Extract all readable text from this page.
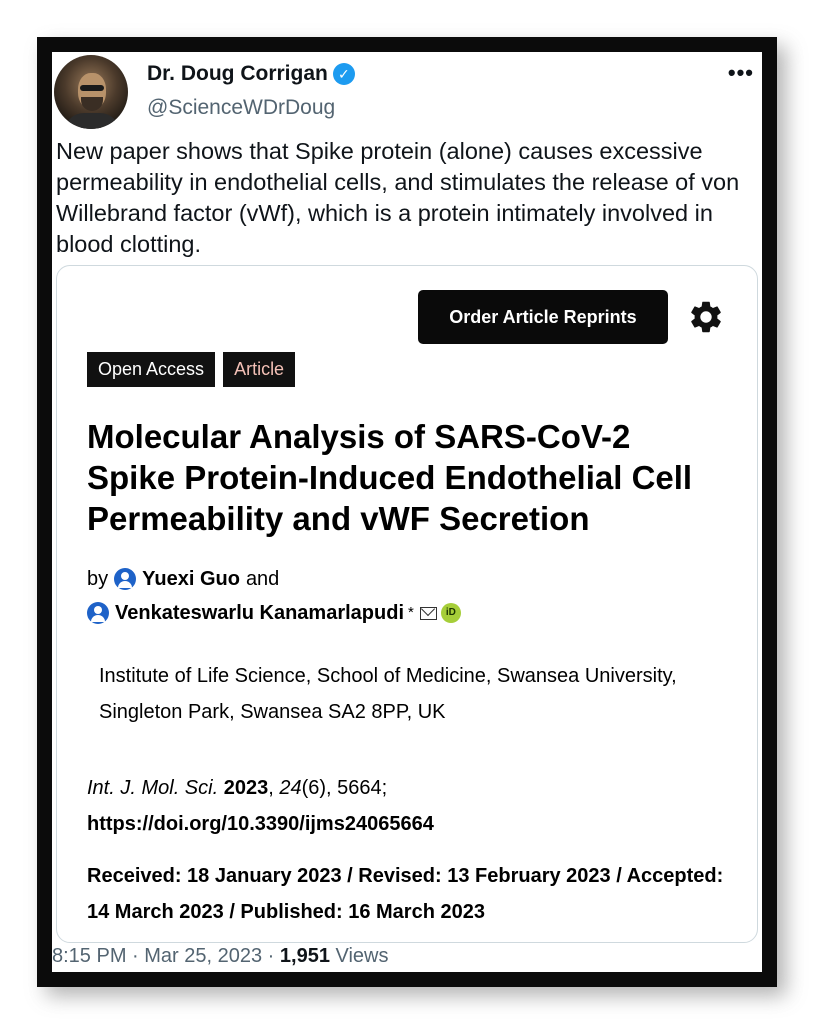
Dr. Doug Corrigan ✓
@ScienceWDrDoug
•••
New paper shows that Spike protein (alone) causes excessive permeability in endothelial cells, and stimulates the release of von Willebrand factor (vWf), which is a protein intimately involved in blood clotting.
Order Article Reprints
Open Access	Article
Molecular Analysis of SARS-CoV-2 Spike Protein-Induced Endothelial Cell Permeability and vWF Secretion
by Yuexi Guo and
Venkateswarlu Kanamarlapudi *	iD
Institute of Life Science, School of Medicine, Swansea University, Singleton Park, Swansea SA2 8PP, UK
Int. J. Mol. Sci. 2023, 24(6), 5664;
https://doi.org/10.3390/ijms24065664
Received: 18 January 2023 / Revised: 13 February 2023 / Accepted: 14 March 2023 / Published: 16 March 2023
8:15 PM · Mar 25, 2023 · 1,951 Views
